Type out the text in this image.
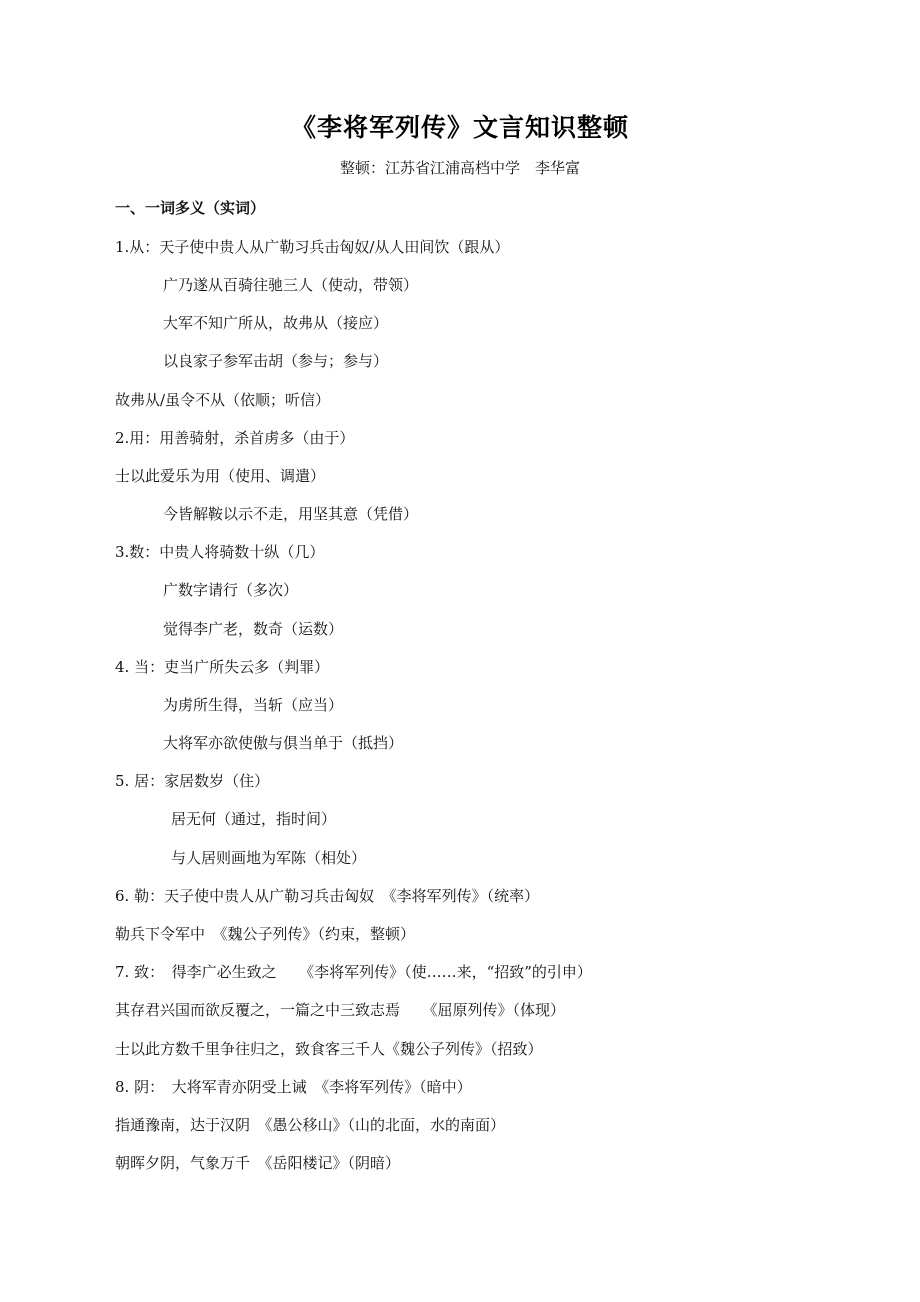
《李将军列传》文言知识整顿
整顿：江苏省江浦高档中学　李华富
一、一词多义（实词）
1.从：天子使中贵人从广勒习兵击匈奴/从人田间饮（跟从）
广乃遂从百骑往驰三人（使动，带领）
大军不知广所从，故弗从（接应）
以良家子参军击胡（参与；参与）
故弗从/虽令不从（依顺；听信）
2.用：用善骑射，杀首虏多（由于）
士以此爱乐为用（使用、调遣）
今皆解鞍以示不走，用坚其意（凭借）
3.数：中贵人将骑数十纵（几）
广数字请行（多次）
觉得李广老，数奇（运数）
4. 当：吏当广所失云多（判罪）
为虏所生得，当斩（应当）
大将军亦欲使傲与俱当单于（抵挡）
5. 居：家居数岁（住）
居无何（通过，指时间）
与人居则画地为军陈（相处）
6. 勒：天子使中贵人从广勒习兵击匈奴　《李将军列传》（统率）
勒兵下令军中　《魏公子列传》（约束，整顿）
7. 致：　得李广必生致之　　《李将军列传》（使……来，“招致”的引申）
其存君兴国而欲反覆之，一篇之中三致志焉　　《屈原列传》（体现）
士以此方数千里争往归之，致食客三千人《魏公子列传》（招致）
8. 阴：　大将军青亦阴受上诫　《李将军列传》（暗中）
指通豫南，达于汉阴　《愚公移山》（山的北面，水的南面）
朝晖夕阴，气象万千　《岳阳楼记》（阴暗）
